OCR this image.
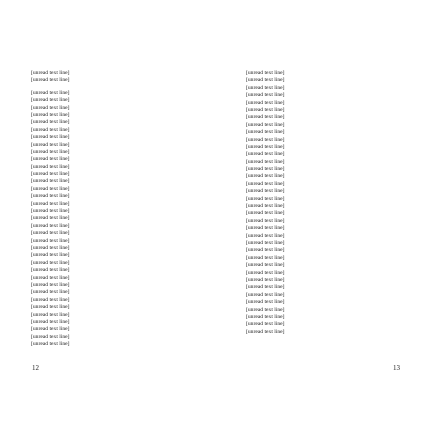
[unread text line]
[unread text line]
[unread text line]
[unread text line]
[unread text line]
[unread text line]
[unread text line]
[unread text line]
[unread text line]
[unread text line]
[unread text line]
[unread text line]
[unread text line]
[unread text line]
[unread text line]
[unread text line]
[unread text line]
[unread text line]
[unread text line]
[unread text line]
[unread text line]
[unread text line]
[unread text line]
[unread text line]
[unread text line]
[unread text line]
[unread text line]
[unread text line]
[unread text line]
[unread text line]
[unread text line]
[unread text line]
[unread text line]
[unread text line]
[unread text line]
[unread text line]
[unread text line]
12
[unread text line]
[unread text line]
[unread text line]
[unread text line]
[unread text line]
[unread text line]
[unread text line]
[unread text line]
[unread text line]
[unread text line]
[unread text line]
[unread text line]
[unread text line]
[unread text line]
[unread text line]
[unread text line]
[unread text line]
[unread text line]
[unread text line]
[unread text line]
[unread text line]
[unread text line]
[unread text line]
[unread text line]
[unread text line]
[unread text line]
[unread text line]
[unread text line]
[unread text line]
[unread text line]
[unread text line]
[unread text line]
[unread text line]
[unread text line]
[unread text line]
[unread text line]
13
